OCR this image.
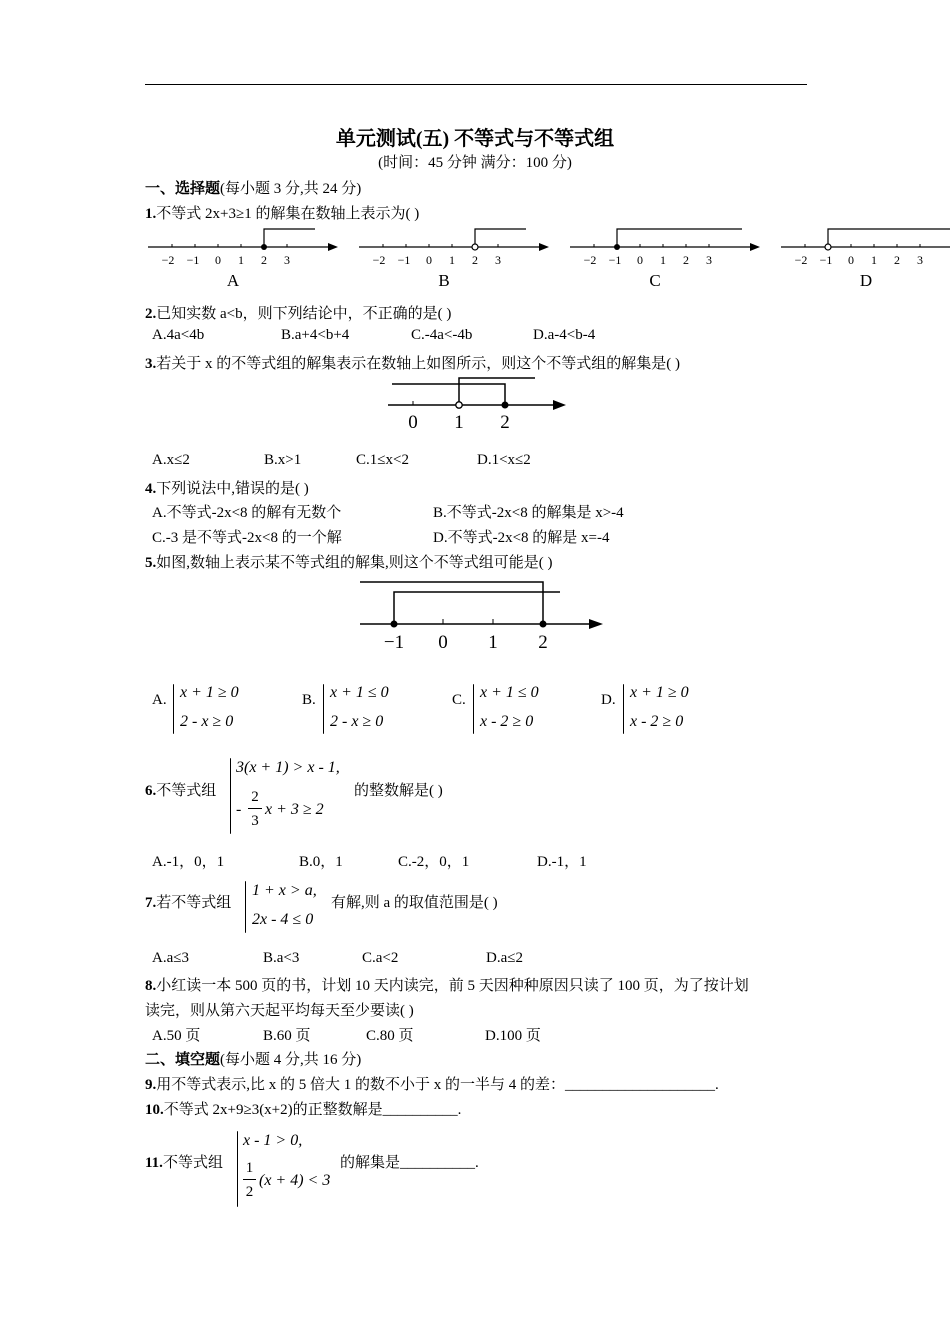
单元测试(五) 不等式与不等式组
(时间：45 分钟 满分：100 分)
一、选择题(每小题 3 分,共 24 分)
1.不等式 2x+3≥1 的解集在数轴上表示为( )
−2 −1 0 1 2 3
A
−2 −1 0 1 2 3
B
−2 −1 0 1 2 3
C
−2 −1 0 1 2 3
D
2.已知实数 a<b，则下列结论中，不正确的是( )
A.4a<4b	B.a+4<b+4	C.-4a<-4b	D.a-4<b-4
3.若关于 x 的不等式组的解集表示在数轴上如图所示，则这个不等式组的解集是( )
0 1 2
A.x≤2	B.x>1	C.1≤x<2	D.1<x≤2
4.下列说法中,错误的是( )
A.不等式-2x<8 的解有无数个	B.不等式-2x<8 的解集是 x>-4
C.-3 是不等式-2x<8 的一个解	D.不等式-2x<8 的解是 x=-4
5.如图,数轴上表示某不等式组的解集,则这个不等式组可能是( )
−1 0 1 2
A. x + 1 ≥ 0
2 - x ≥ 0
B. x + 1 ≤ 0
2 - x ≥ 0
C. x + 1 ≤ 0
x - 2 ≥ 0
D. x + 1 ≥ 0
x - 2 ≥ 0
6.不等式组
3(x + 1) > x - 1,
-
2
3
x + 3 ≥ 2
的整数解是( )
A.-1，0，1	B.0，1	C.-2，0，1	D.-1，1
7.若不等式组
1 + x > a,
2x - 4 ≤ 0
有解,则 a 的取值范围是( )
A.a≤3	B.a<3	C.a<2	D.a≤2
8.小红读一本 500 页的书，计划 10 天内读完，前 5 天因种种原因只读了 100 页，为了按计划
读完，则从第六天起平均每天至少要读( )
A.50 页	B.60 页	C.80 页	D.100 页
二、填空题(每小题 4 分,共 16 分)
9.用不等式表示,比 x 的 5 倍大 1 的数不小于 x 的一半与 4 的差：____________________.
10.不等式 2x+9≥3(x+2)的正整数解是__________.
11.不等式组
x - 1 > 0,
1
2
(x + 4) < 3
的解集是__________.
